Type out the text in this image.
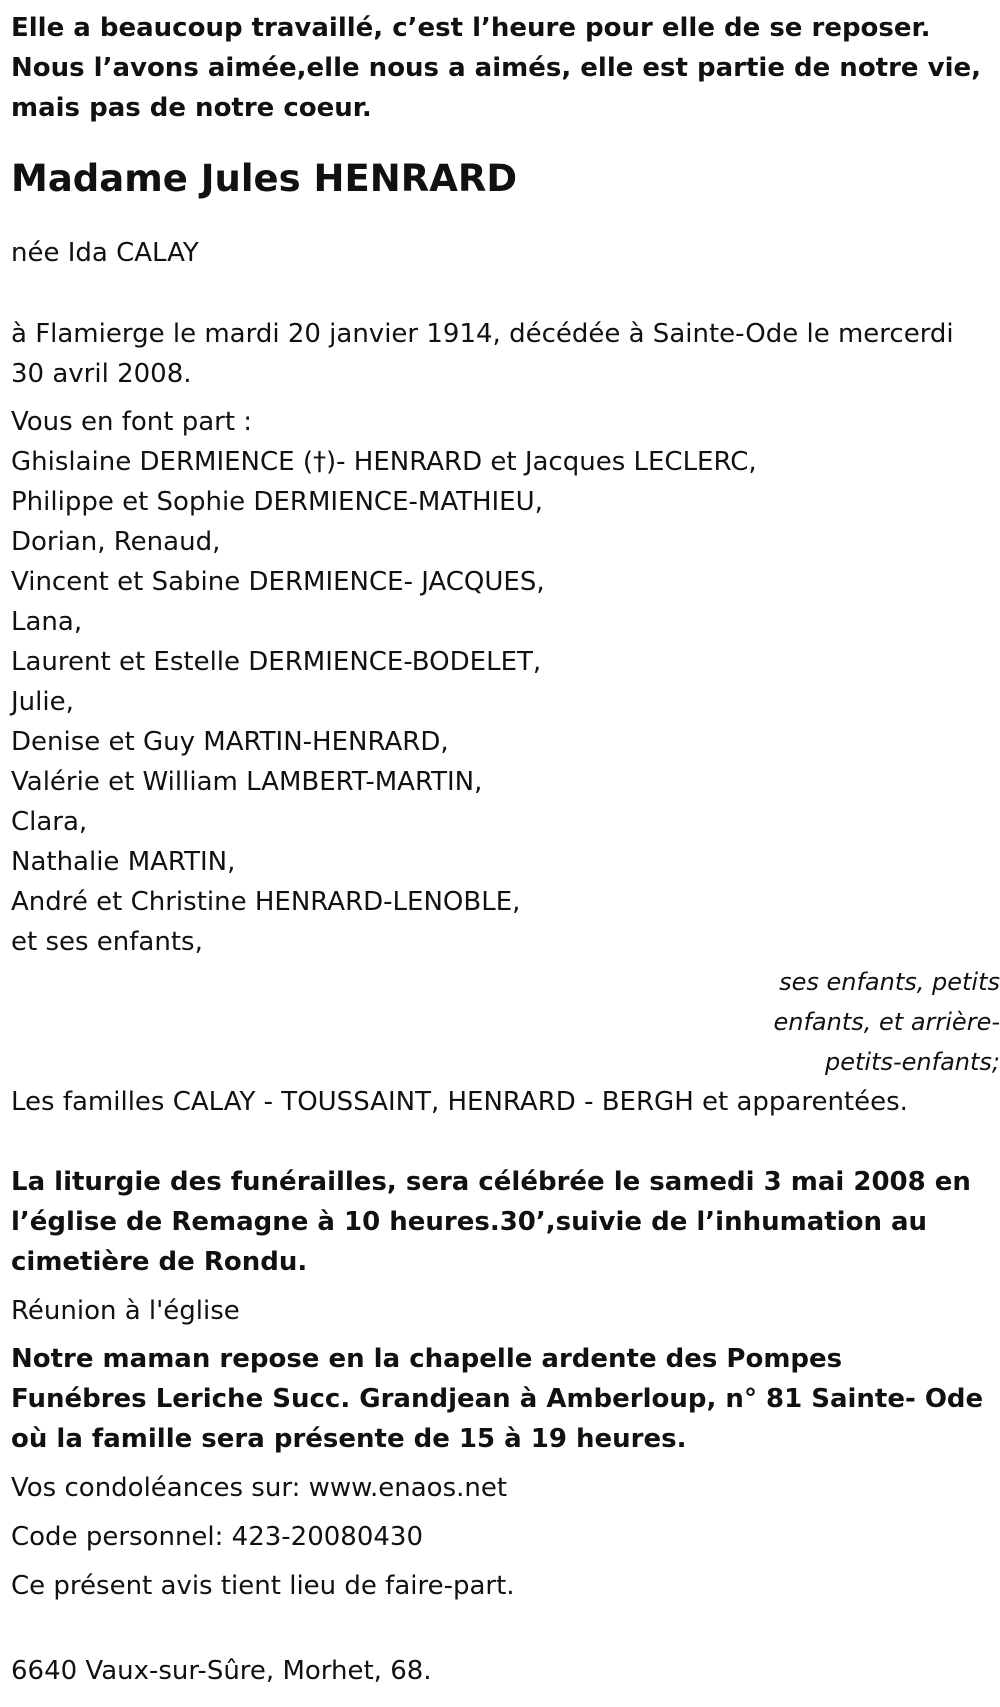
Elle a beaucoup travaillé, c’est l’heure pour elle de se reposer. Nous l’avons aimée,elle nous a aimés, elle est partie de notre vie, mais pas de notre coeur.

Madame Jules HENRARD

née Ida CALAY

à Flamierge le mardi 20 janvier 1914, décédée à Sainte-Ode le mercerdi 30 avril 2008.

Vous en font part :
Ghislaine DERMIENCE (†)- HENRARD et Jacques LECLERC,
Philippe et Sophie DERMIENCE-MATHIEU,
Dorian, Renaud,
Vincent et Sabine DERMIENCE- JACQUES,
Lana,
Laurent et Estelle DERMIENCE-BODELET,
Julie,
Denise et Guy MARTIN-HENRARD,
Valérie et William LAMBERT-MARTIN,
Clara,
Nathalie MARTIN,
André et Christine HENRARD-LENOBLE,
et ses enfants,

ses enfants, petits enfants, et arrière-petits-enfants;

Les familles CALAY - TOUSSAINT, HENRARD - BERGH et apparentées.

La liturgie des funérailles, sera célébrée le samedi 3 mai 2008 en l’église de Remagne à 10 heures.30’,suivie de l’inhumation au cimetière de Rondu.

Réunion à l'église

Notre maman repose en la chapelle ardente des Pompes Funébres Leriche Succ. Grandjean à Amberloup, n° 81 Sainte- Ode où la famille sera présente de 15 à 19 heures.

Vos condoléances sur: www.enaos.net

Code personnel: 423-20080430

Ce présent avis tient lieu de faire-part.

6640 Vaux-sur-Sûre, Morhet, 68.
